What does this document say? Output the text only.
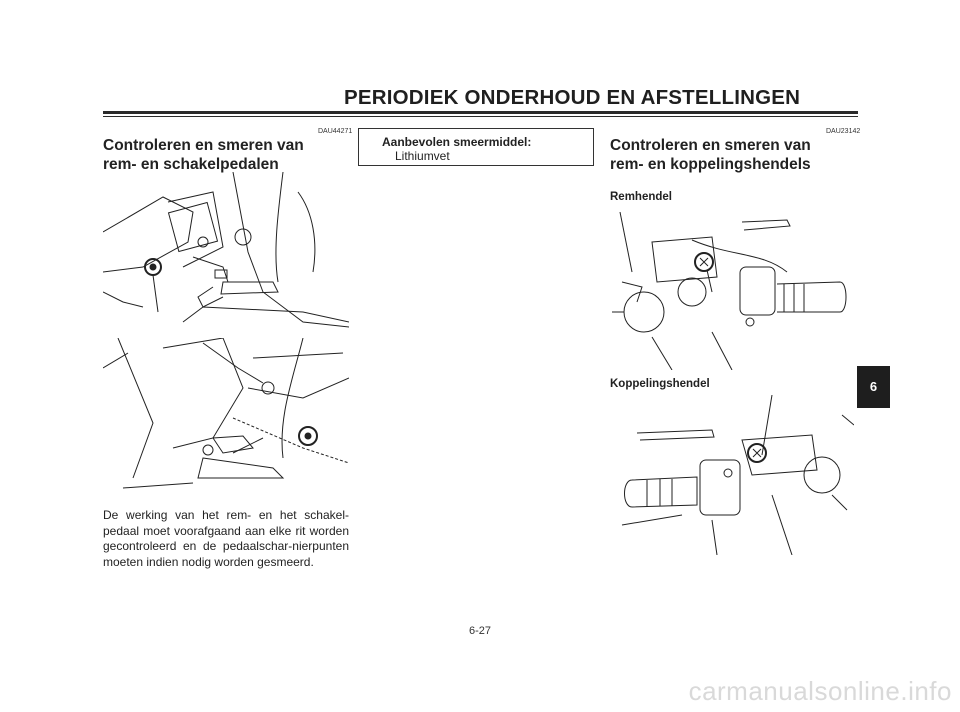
PERIODIEK ONDERHOUD EN AFSTELLINGEN
DAU44271
Controleren en smeren van
rem- en schakelpedalen

De werking van het rem- en het schakel-pedaal moet voorafgaand aan elke rit worden gecontroleerd en de pedaalschar-nierpunten moeten indien nodig worden gesmeerd.

Aanbevolen smeermiddel:
Lithiumvet
DAU23142
Controleren en smeren van
rem- en koppelingshendels
Remhendel
Koppelingshendel	6
6-27
carmanualsonline.info
